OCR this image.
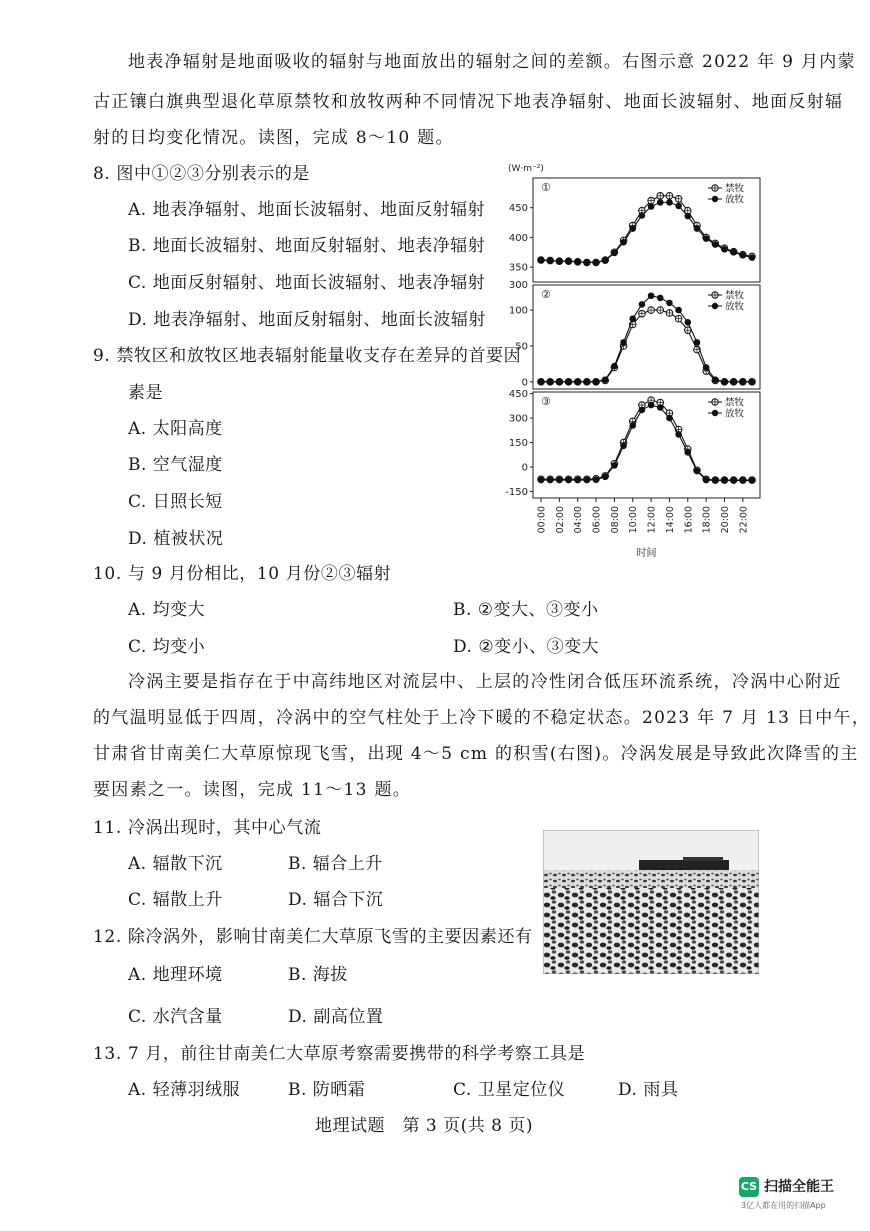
地表净辐射是地面吸收的辐射与地面放出的辐射之间的差额。右图示意 2022 年 9 月内蒙
古正镶白旗典型退化草原禁牧和放牧两种不同情况下地表净辐射、地面长波辐射、地面反射辐
射的日均变化情况。读图，完成 8～10 题。
8. 图中①②③分别表示的是
A. 地表净辐射、地面长波辐射、地面反射辐射
B. 地面长波辐射、地面反射辐射、地表净辐射
C. 地面反射辐射、地面长波辐射、地表净辐射
D. 地表净辐射、地面反射辐射、地面长波辐射
9. 禁牧区和放牧区地表辐射能量收支存在差异的首要因
素是
A. 太阳高度
B. 空气湿度
C. 日照长短
D. 植被状况
10. 与 9 月份相比，10 月份②③辐射
A. 均变大	B. ②变大、③变小
C. 均变小	D. ②变小、③变大
冷涡主要是指存在于中高纬地区对流层中、上层的冷性闭合低压环流系统，冷涡中心附近
的气温明显低于四周，冷涡中的空气柱处于上冷下暖的不稳定状态。2023 年 7 月 13 日中午，
甘肃省甘南美仁大草原惊现飞雪，出现 4～5 cm 的积雪(右图)。冷涡发展是导致此次降雪的主
要因素之一。读图，完成 11～13 题。
11. 冷涡出现时，其中心气流
A. 辐散下沉	B. 辐合上升
C. 辐散上升	D. 辐合下沉
12. 除冷涡外，影响甘南美仁大草原飞雪的主要因素还有
A. 地理环境	B. 海拔
C. 水汽含量	D. 副高位置
13. 7 月，前往甘南美仁大草原考察需要携带的科学考察工具是
A. 轻薄羽绒服	B. 防晒霜	C. 卫星定位仪	D. 雨具
地理试题　第 3 页(共 8 页)
(W·m⁻²)
350
400
450
①	禁牧
放牧
0
50
100
②	禁牧
放牧
-150
0
150
300
450
③	禁牧
放牧
300
00:00 02:00 04:00 06:00 08:00 10:00 12:00 14:00 16:00 18:00 20:00 22:00
时间
CS 扫描全能王
3亿人都在用的扫描App
